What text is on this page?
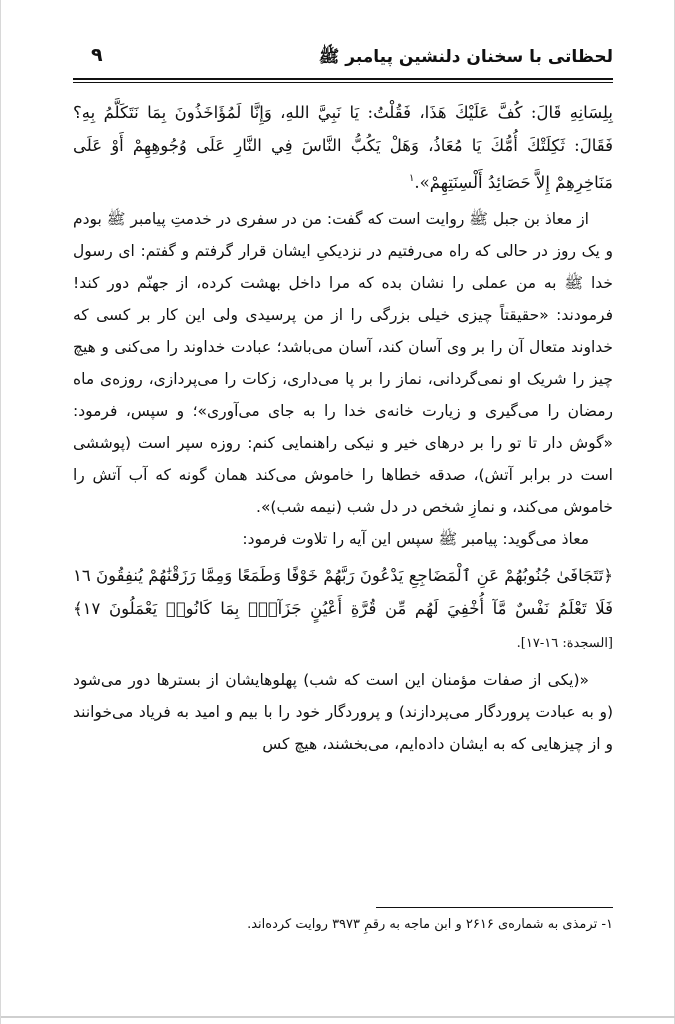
لحظاتی با سخنان دلنشین پیامبر ﷺ
۹

بِلِسَانِهِ قَالَ: كُفَّ عَلَيْكَ هَذَا، فَقُلْتُ: يَا نَبِيَّ اللهِ، وَإِنَّا لَمُؤَاخَذُونَ بِمَا نَتَكَلَّمُ بِهِ؟ فَقَالَ: ثَكِلَتْكَ أُمُّكَ يَا مُعَاذُ، وَهَلْ يَكُبُّ النَّاسَ فِي النَّارِ عَلَى وُجُوهِهِمْ أَوْ عَلَى مَنَاخِرِهِمْ إِلاَّ حَصَائِدُ أَلْسِنَتِهِمْ».$^١$

از معاذ بن جبل ﷺ روایت است که گفت: من در سفری در خدمتِ پیامبر ﷺ بودم و یک روز در حالی که راه می‌رفتیم در نزدیکیِ ایشان قرار گرفتم و گفتم: ای رسول خدا ﷺ به من عملی را نشان بده که مرا داخل بهشت کرده، از جهنّم دور کند! فرمودند: «حقیقتاً چیزی خیلی بزرگی را از من پرسیدی ولی این کار بر کسی که خداوند متعال آن را بر وی آسان کند، آسان می‌باشد؛ عبادت خداوند را می‌کنی و هیچ چیز را شریک او نمی‌گردانی، نماز را بر پا می‌داری، زکات را می‌پردازی، روزه‌ی ماه رمضان را می‌گیری و زیارت خانه‌ی خدا را به جای می‌آوری»؛ و سپس، فرمود: «گوش دار تا تو را بر درهای خیر و نیکی راهنمایی کنم: روزه سپر است (پوششی است در برابر آتش)، صدقه خطاها را خاموش می‌کند همان گونه که آب آتش را خاموش می‌کند، و نمازِ شخص در دل شب (نیمه شب)».

معاذ می‌گوید: پیامبر ﷺ سپس این آیه را تلاوت فرمود:

﴿تَتَجَافَىٰ جُنُوبُهُمْ عَنِ ٱلْمَضَاجِعِ يَدْعُونَ رَبَّهُمْ خَوْفًا وَطَمَعًا وَمِمَّا رَزَقْنَٰهُمْ يُنفِقُونَ ١٦ فَلَا تَعْلَمُ نَفْسٌ مَّآ أُخْفِيَ لَهُم مِّن قُرَّةِ أَعْيُنٍ جَزَآءًۢ بِمَا كَانُوا۟ يَعْمَلُونَ ١٧﴾ [السجدة: ١٦-١٧].

«(یکی از صفات مؤمنان این است که شب) پهلوهایشان از بسترها دور می‌شود (و به عبادت پروردگار می‌پردازند) و پروردگار خود را با بیم و امید به فریاد می‌خوانند و از چیزهایی که به ایشان داده‌ایم، می‌بخشند، هیچ کس

۱- ترمذی به شماره‌ی ۲۶۱۶ و ابن ماجه به رقمِ ۳۹۷۳ روایت کرده‌اند.
